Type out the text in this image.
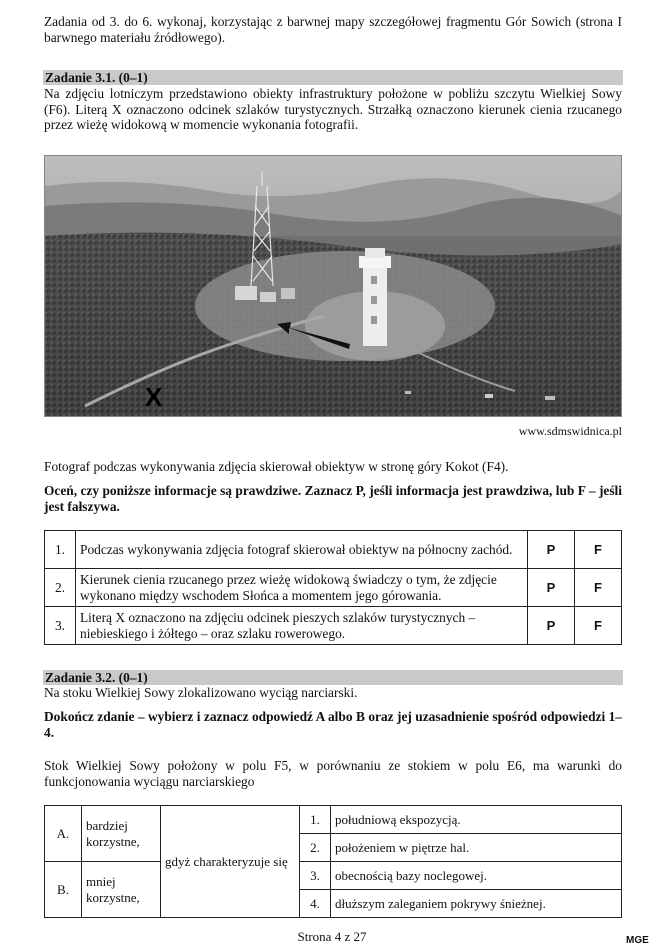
Zadania od 3. do 6. wykonaj, korzystając z barwnej mapy szczegółowej fragmentu Gór Sowich (strona I barwnego materiału źródłowego).
Zadanie 3.1. (0–1)
Na zdjęciu lotniczym przedstawiono obiekty infrastruktury położone w pobliżu szczytu Wielkiej Sowy (F6). Literą X oznaczono odcinek szlaków turystycznych. Strzałką oznaczono kierunek cienia rzucanego przez wieżę widokową w momencie wykonania fotografii.
X
www.sdmswidnica.pl
Fotograf podczas wykonywania zdjęcia skierował obiektyw w stronę góry Kokot (F4).
Oceń, czy poniższe informacje są prawdziwe. Zaznacz P, jeśli informacja jest prawdziwa, lub F – jeśli jest fałszywa.
1.	Podczas wykonywania zdjęcia fotograf skierował obiektyw na północny zachód.	P	F
2.	Kierunek cienia rzucanego przez wieżę widokową świadczy o tym, że zdjęcie wykonano między wschodem Słońca a momentem jego górowania.	P	F
3.	Literą X oznaczono na zdjęciu odcinek pieszych szlaków turystycznych – niebieskiego i żółtego – oraz szlaku rowerowego.	P	F
Zadanie 3.2. (0–1)
Na stoku Wielkiej Sowy zlokalizowano wyciąg narciarski.
Dokończ zdanie – wybierz i zaznacz odpowiedź A albo B oraz jej uzasadnienie spośród odpowiedzi 1–4.
Stok Wielkiej Sowy położony w polu F5, w porównaniu ze stokiem w polu E6, ma warunki do funkcjonowania wyciągu narciarskiego
A.	bardziej korzystne,	gdyż charakteryzuje się	1.	południową ekspozycją.
			2.	położeniem w piętrze hal.
B.	mniej korzystne,		3.	obecnością bazy noclegowej.
			4.	dłuższym zaleganiem pokrywy śnieżnej.
Strona 4 z 27	MGE
